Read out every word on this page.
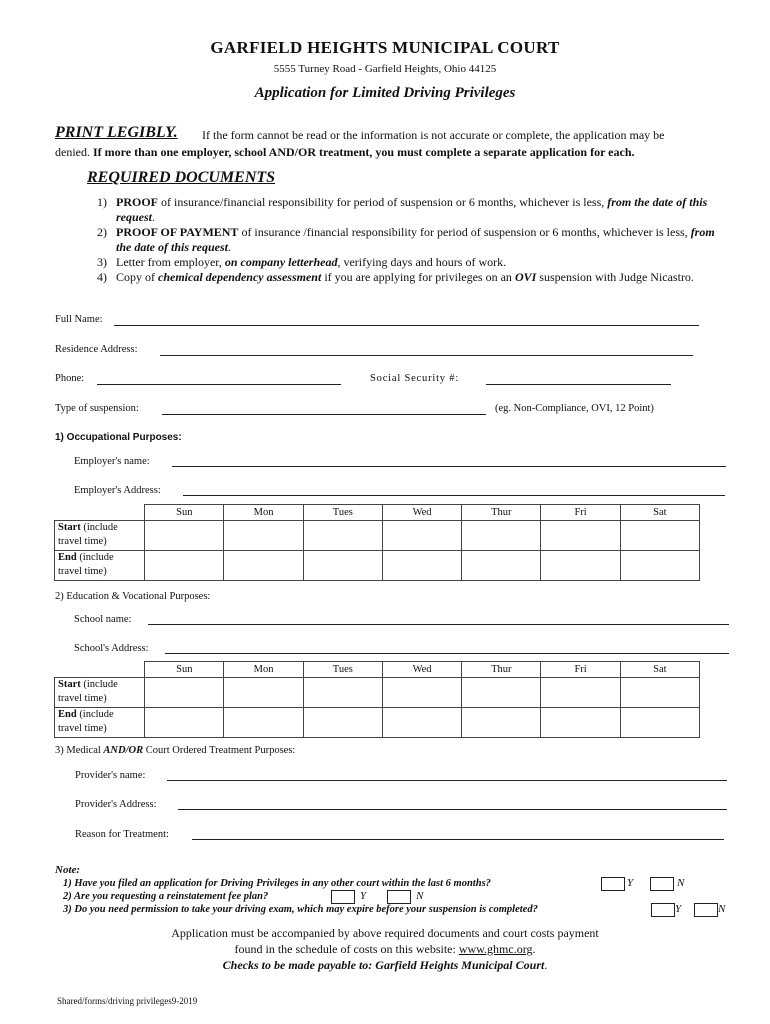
GARFIELD HEIGHTS MUNICIPAL COURT
5555 Turney Road - Garfield Heights, Ohio 44125
Application for Limited Driving Privileges
PRINT LEGIBLY. If the form cannot be read or the information is not accurate or complete, the application may be
denied. If more than one employer, school AND/OR treatment, you must complete a separate application for each.
REQUIRED DOCUMENTS
1) PROOF of insurance/financial responsibility for period of suspension or 6 months, whichever is less, from the date of this request.
2) PROOF OF PAYMENT of insurance /financial responsibility for period of suspension or 6 months, whichever is less, from the date of this request.
3) Letter from employer, on company letterhead, verifying days and hours of work.
4) Copy of chemical dependency assessment if you are applying for privileges on an OVI suspension with Judge Nicastro.
Full Name:
Residence Address:
Phone:	Social Security #:
Type of suspension:	(eg. Non-Compliance, OVI, 12 Point)
1) Occupational Purposes:
Employer's name:
Employer's Address:
	Sun	Mon	Tues	Wed	Thur	Fri	Sat
Start (include
travel time)							
End (include
travel time)							
2) Education & Vocational Purposes:
School name:
School's Address:
	Sun	Mon	Tues	Wed	Thur	Fri	Sat
Start (include
travel time)							
End (include
travel time)							
3) Medical AND/OR Court Ordered Treatment Purposes:
Provider's name:
Provider's Address:
Reason for Treatment:
Note:
1) Have you filed an application for Driving Privileges in any other court within the last 6 months?	Y	N
2) Are you requesting a reinstatement fee plan?	Y	N
3) Do you need permission to take your driving exam, which may expire before your suspension is completed?	Y	N
Application must be accompanied by above required documents and court costs payment
found in the schedule of costs on this website: www.ghmc.org.
Checks to be made payable to: Garfield Heights Municipal Court.
Shared/forms/driving privileges9-2019
